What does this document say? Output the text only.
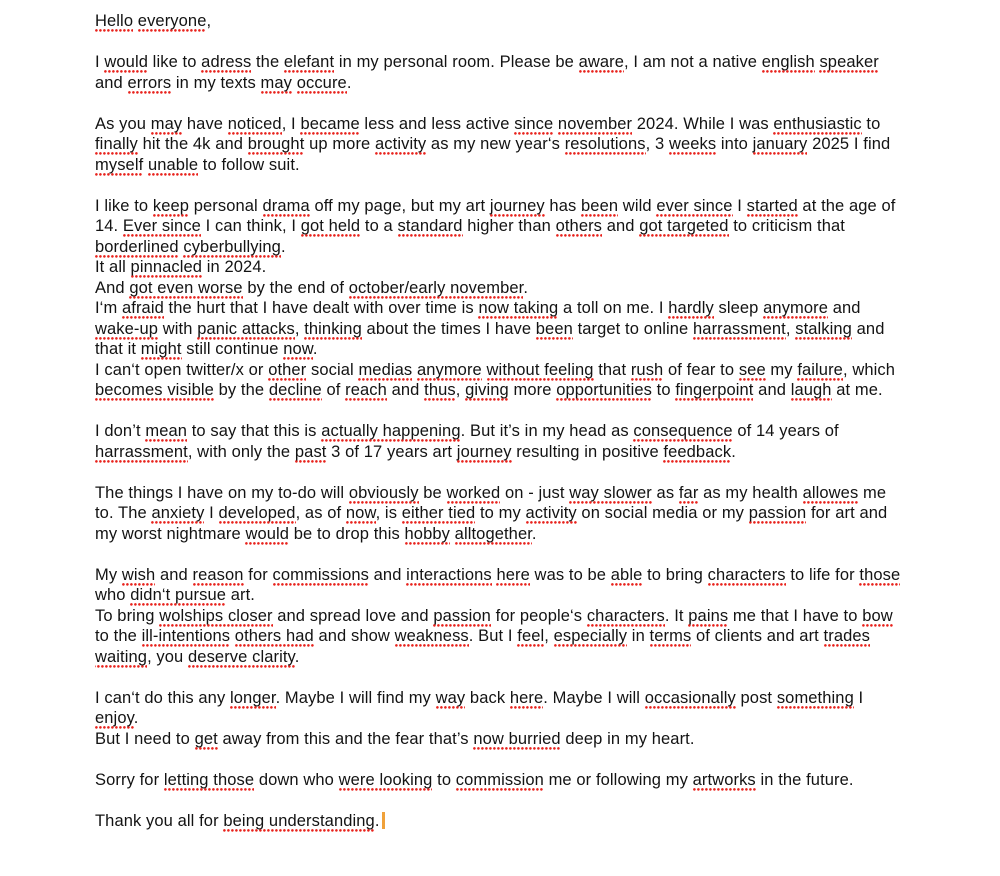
Hello everyone,
I would like to adress the elefant in my personal room. Please be aware, I am not a native english speaker and errors in my texts may occure.
As you may have noticed, I became less and less active since november 2024. While I was enthusiastic to finally hit the 4k and brought up more activity as my new year‘s resolutions, 3 weeks into january 2025 I find myself unable to follow suit.
I like to keep personal drama off my page, but my art journey has been wild ever since I started at the age of 14. Ever since I can think, I got held to a standard higher than others and got targeted to criticism that borderlined cyberbullying.
It all pinnacled in 2024.
And got even worse by the end of october/early november.
I‘m afraid the hurt that I have dealt with over time is now taking a toll on me. I hardly sleep anymore and wake-up with panic attacks, thinking about the times I have been target to online harrassment, stalking and that it might still continue now.
I can‘t open twitter/x or other social medias anymore without feeling that rush of fear to see my failure, which becomes visible by the decline of reach and thus, giving more opportunities to fingerpoint and laugh at me.
I don’t mean to say that this is actually happening. But it’s in my head as consequence of 14 years of harrassment, with only the past 3 of 17 years art journey resulting in positive feedback.
The things I have on my to-do will obviously be worked on - just way slower as far as my health allowes me to. The anxiety I developed, as of now, is either tied to my activity on social media or my passion for art and my worst nightmare would be to drop this hobby alltogether.
My wish and reason for commissions and interactions here was to be able to bring characters to life for those who didn‘t pursue art.
To bring wolships closer and spread love and passion for people‘s characters. It pains me that I have to bow to the ill-intentions others had and show weakness. But I feel, especially in terms of clients and art trades waiting, you deserve clarity.
I can‘t do this any longer. Maybe I will find my way back here. Maybe I will occasionally post something I enjoy.
But I need to get away from this and the fear that’s now burried deep in my heart.
Sorry for letting those down who were looking to commission me or following my artworks in the future.
Thank you all for being understanding.
